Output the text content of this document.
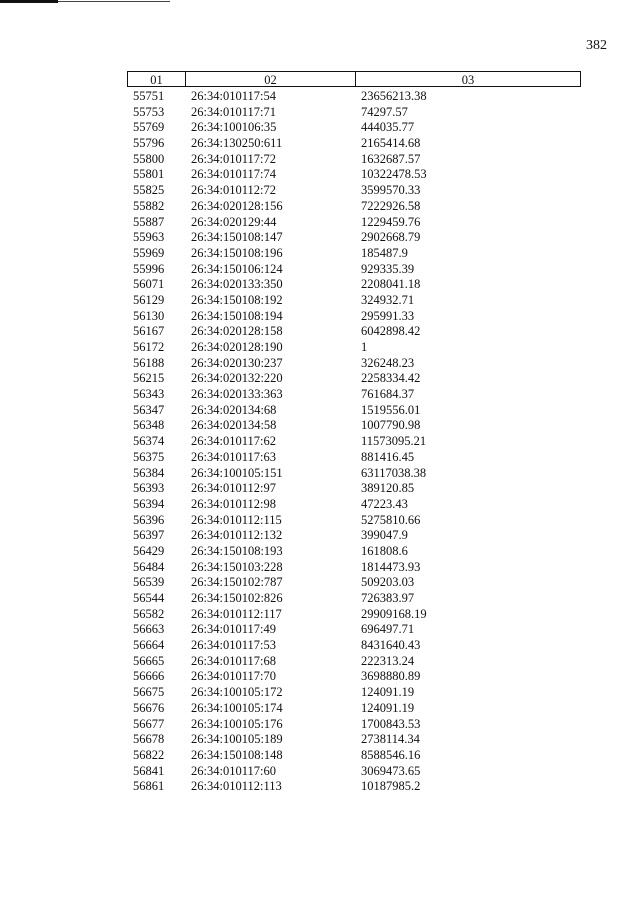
382
01	02	03
55751	26:34:010117:54	23656213.38
55753	26:34:010117:71	74297.57
55769	26:34:100106:35	444035.77
55796	26:34:130250:611	2165414.68
55800	26:34:010117:72	1632687.57
55801	26:34:010117:74	10322478.53
55825	26:34:010112:72	3599570.33
55882	26:34:020128:156	7222926.58
55887	26:34:020129:44	1229459.76
55963	26:34:150108:147	2902668.79
55969	26:34:150108:196	185487.9
55996	26:34:150106:124	929335.39
56071	26:34:020133:350	2208041.18
56129	26:34:150108:192	324932.71
56130	26:34:150108:194	295991.33
56167	26:34:020128:158	6042898.42
56172	26:34:020128:190	1
56188	26:34:020130:237	326248.23
56215	26:34:020132:220	2258334.42
56343	26:34:020133:363	761684.37
56347	26:34:020134:68	1519556.01
56348	26:34:020134:58	1007790.98
56374	26:34:010117:62	11573095.21
56375	26:34:010117:63	881416.45
56384	26:34:100105:151	63117038.38
56393	26:34:010112:97	389120.85
56394	26:34:010112:98	47223.43
56396	26:34:010112:115	5275810.66
56397	26:34:010112:132	399047.9
56429	26:34:150108:193	161808.6
56484	26:34:150103:228	1814473.93
56539	26:34:150102:787	509203.03
56544	26:34:150102:826	726383.97
56582	26:34:010112:117	29909168.19
56663	26:34:010117:49	696497.71
56664	26:34:010117:53	8431640.43
56665	26:34:010117:68	222313.24
56666	26:34:010117:70	3698880.89
56675	26:34:100105:172	124091.19
56676	26:34:100105:174	124091.19
56677	26:34:100105:176	1700843.53
56678	26:34:100105:189	2738114.34
56822	26:34:150108:148	8588546.16
56841	26:34:010117:60	3069473.65
56861	26:34:010112:113	10187985.2
